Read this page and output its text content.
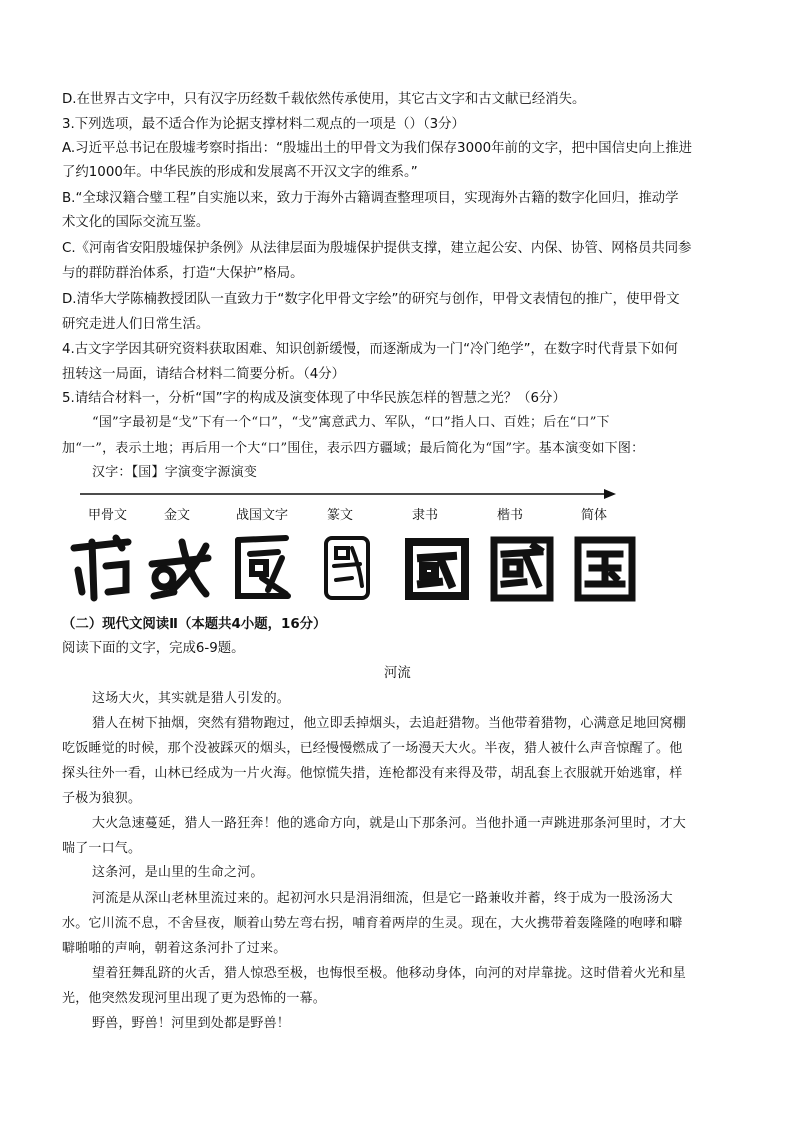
D.在世界古文字中，只有汉字历经数千载依然传承使用，其它古文字和古文献已经消失。
3.下列选项，最不适合作为论据支撑材料二观点的一项是（）（3分）
A.习近平总书记在殷墟考察时指出：“殷墟出土的甲骨文为我们保存3000年前的文字，把中国信史向上推进
了约1000年。中华民族的形成和发展离不开汉文字的维系。”
B.“全球汉籍合璧工程”自实施以来，致力于海外古籍调查整理项目，实现海外古籍的数字化回归，推动学
术文化的国际交流互鉴。
C.《河南省安阳殷墟保护条例》从法律层面为殷墟保护提供支撑，建立起公安、内保、协管、网格员共同参
与的群防群治体系，打造“大保护”格局。
D.清华大学陈楠教授团队一直致力于“数字化甲骨文字绘”的研究与创作，甲骨文表情包的推广，使甲骨文
研究走进人们日常生活。
4.古文字学因其研究资料获取困难、知识创新缓慢，而逐渐成为一门“冷门绝学”，在数字时代背景下如何
扭转这一局面，请结合材料二简要分析。（4分）
5.请结合材料一，分析“国”字的构成及演变体现了中华民族怎样的智慧之光？（6分）
“国”字最初是“戈”下有一个“口”，“戈”寓意武力、军队，“口”指人口、百姓；后在“口”下
加“一”，表示土地；再后用一个大“口”围住，表示四方疆域；最后简化为“国”字。基本演变如下图：
汉字：【国】字演变字源演变
甲骨文	金文	战国文字	篆文	隶书	楷书	简体
（二）现代文阅读Ⅱ（本题共4小题，16分）
阅读下面的文字，完成6-9题。
河流
这场大火，其实就是猎人引发的。
猎人在树下抽烟，突然有猎物跑过，他立即丢掉烟头，去追赶猎物。当他带着猎物，心满意足地回窝棚
吃饭睡觉的时候，那个没被踩灭的烟头，已经慢慢燃成了一场漫天大火。半夜，猎人被什么声音惊醒了。他
探头往外一看，山林已经成为一片火海。他惊慌失措，连枪都没有来得及带，胡乱套上衣服就开始逃窜，样
子极为狼狈。
大火急速蔓延，猎人一路狂奔！他的逃命方向，就是山下那条河。当他扑通一声跳进那条河里时，才大
喘了一口气。
这条河，是山里的生命之河。
河流是从深山老林里流过来的。起初河水只是涓涓细流，但是它一路兼收并蓄，终于成为一股汤汤大
水。它川流不息，不舍昼夜，顺着山势左弯右拐，哺育着两岸的生灵。现在，大火携带着轰隆隆的咆哮和噼
噼啪啪的声响，朝着这条河扑了过来。
望着狂舞乱跻的火舌，猎人惊恐至极，也悔恨至极。他移动身体，向河的对岸靠拢。这时借着火光和星
光，他突然发现河里出现了更为恐怖的一幕。
野兽，野兽！河里到处都是野兽！
